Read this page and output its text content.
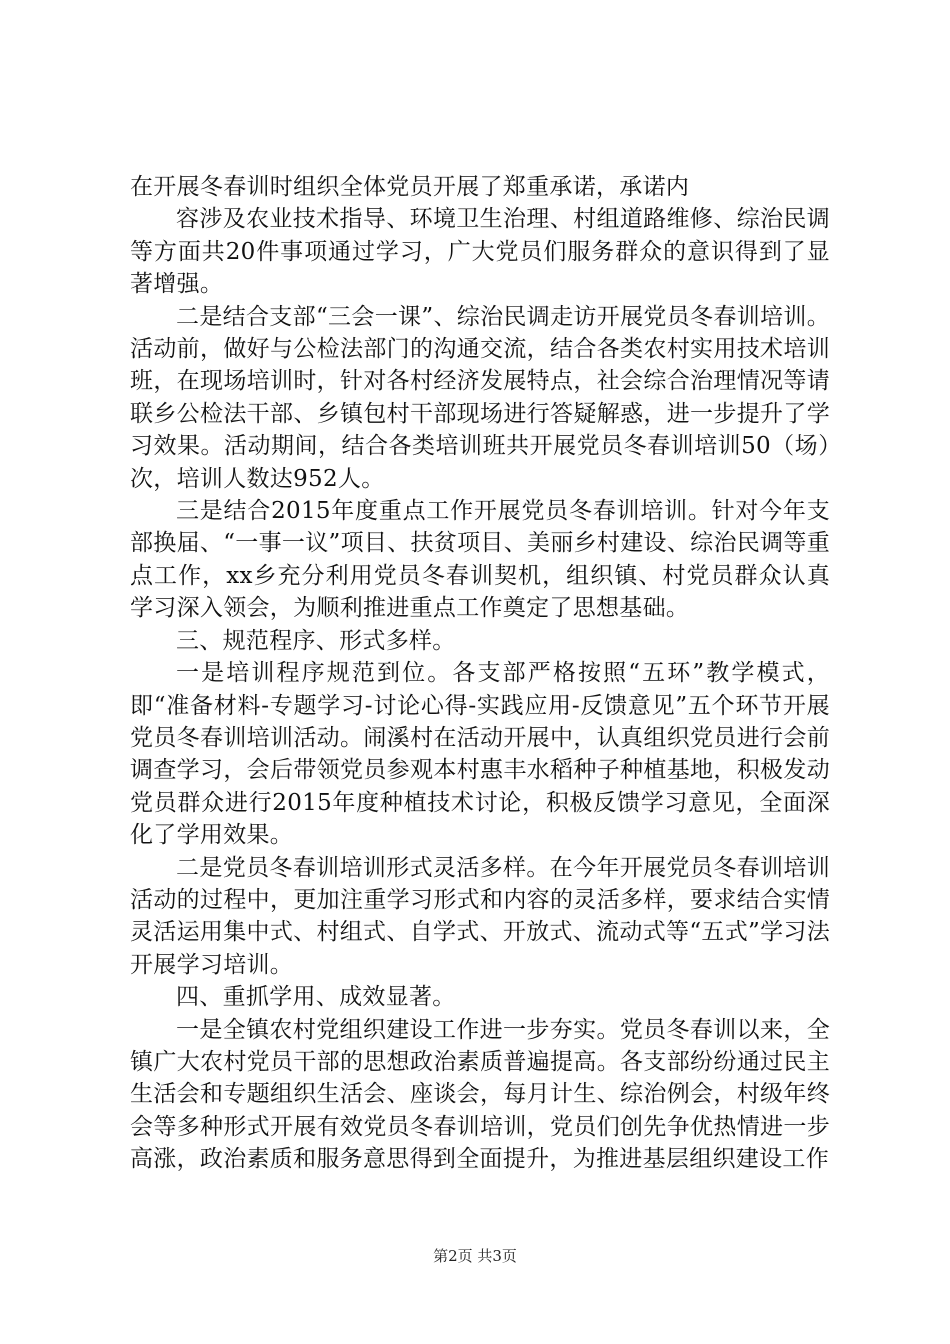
在开展冬春训时组织全体党员开展了郑重承诺，承诺内

容涉及农业技术指导、环境卫生治理、村组道路维修、综治民调等方面共20件事项通过学习，广大党员们服务群众的意识得到了显著增强。

二是结合支部“三会一课”、综治民调走访开展党员冬春训培训。活动前，做好与公检法部门的沟通交流，结合各类农村实用技术培训班，在现场培训时，针对各村经济发展特点，社会综合治理情况等请联乡公检法干部、乡镇包村干部现场进行答疑解惑，进一步提升了学习效果。活动期间，结合各类培训班共开展党员冬春训培训50（场）次，培训人数达952人。

三是结合2015年度重点工作开展党员冬春训培训。针对今年支部换届、“一事一议”项目、扶贫项目、美丽乡村建设、综治民调等重点工作，xx乡充分利用党员冬春训契机，组织镇、村党员群众认真学习深入领会，为顺利推进重点工作奠定了思想基础。

三、规范程序、形式多样。

一是培训程序规范到位。各支部严格按照“五环”教学模式，即“准备材料-专题学习-讨论心得-实践应用-反馈意见”五个环节开展党员冬春训培训活动。闹溪村在活动开展中，认真组织党员进行会前调查学习，会后带领党员参观本村惠丰水稻种子种植基地，积极发动党员群众进行2015年度种植技术讨论，积极反馈学习意见，全面深化了学用效果。

二是党员冬春训培训形式灵活多样。在今年开展党员冬春训培训活动的过程中，更加注重学习形式和内容的灵活多样，要求结合实情灵活运用集中式、村组式、自学式、开放式、流动式等“五式”学习法开展学习培训。

四、重抓学用、成效显著。

一是全镇农村党组织建设工作进一步夯实。党员冬春训以来，全镇广大农村党员干部的思想政治素质普遍提高。各支部纷纷通过民主生活会和专题组织生活会、座谈会，每月计生、综治例会，村级年终会等多种形式开展有效党员冬春训培训，党员们创先争优热情进一步高涨，政治素质和服务意思得到全面提升，为推进基层组织建设工作

第2页 共3页
